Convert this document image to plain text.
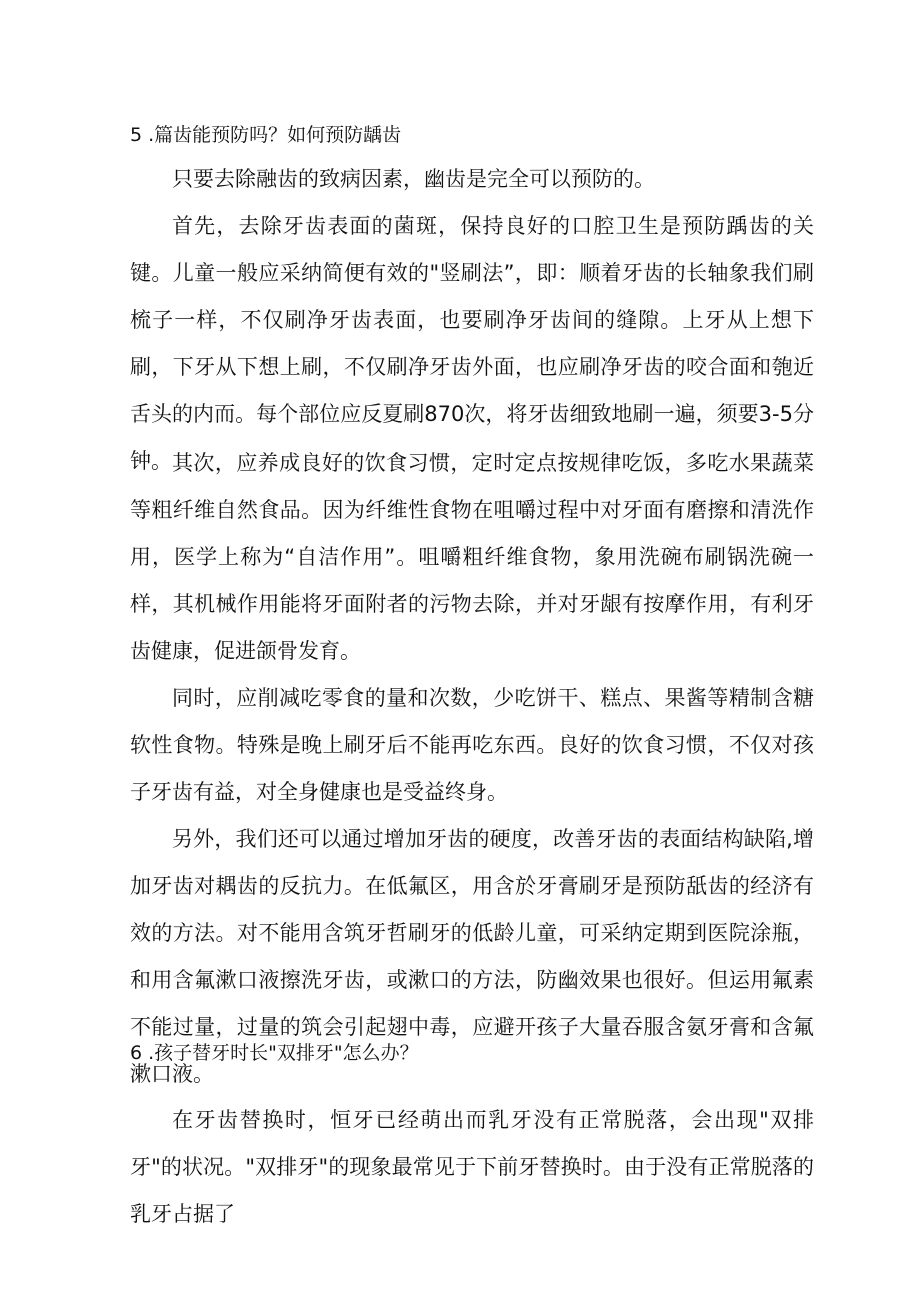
5 .篇齿能预防吗？如何预防龋齿

只要去除融齿的致病因素，幽齿是完全可以预防的。

首先，去除牙齿表面的菌斑，保持良好的口腔卫生是预防踽齿的关键。儿童一般应采纳简便有效的"竖刷法”，即：顺着牙齿的长轴象我们刷梳子一样，不仅刷净牙齿表面，也要刷净牙齿间的缝隙。上牙从上想下刷，下牙从下想上刷，不仅刷净牙齿外面，也应刷净牙齿的咬合面和匏近舌头的内而。每个部位应反夏刷870次，将牙齿细致地刷一遍，须要3-5分钟。 其次，应养成良好的饮食习惯，定时定点按规律吃饭，多吃水果蔬菜等粗纤维自然食品。因为纤维性食物在咀嚼过程中对牙面有磨擦和清洗作用，医学上称为“自洁作用”。咀嚼粗纤维食物，象用洗碗布刷锅洗碗一样，其机械作用能将牙面附者的污物去除，并对牙龈有按摩作用，有利牙齿健康，促进颌骨发育。

同时，应削减吃零食的量和次数，少吃饼干、糕点、果酱等精制含糖软性食物。特殊是晚上刷牙后不能再吃东西。良好的饮食习惯，不仅对孩子牙齿有益，对全身健康也是受益终身。

另外，我们还可以通过增加牙齿的硬度，改善牙齿的表面结构缺陷,增加牙齿对耦齿的反抗力。在低氟区，用含於牙膏刷牙是预防舐齿的经济有效的方法。对不能用含筑牙哲刷牙的低龄儿童，可采纳定期到医院涂瓶，和用含氟漱口液擦洗牙齿，或漱口的方法，防幽效果也很好。但运用氟素不能过量，过量的筑会引起翅中毒，应避开孩子大量吞服含氨牙膏和含氟漱口液。

6 .孩子替牙时长"双排牙"怎么办？

在牙齿替换时，恒牙已经萌出而乳牙没有正常脱落，会出现"双排牙"的状况。"双排牙"的现象最常见于下前牙替换时。由于没有正常脱落的乳牙占据了
